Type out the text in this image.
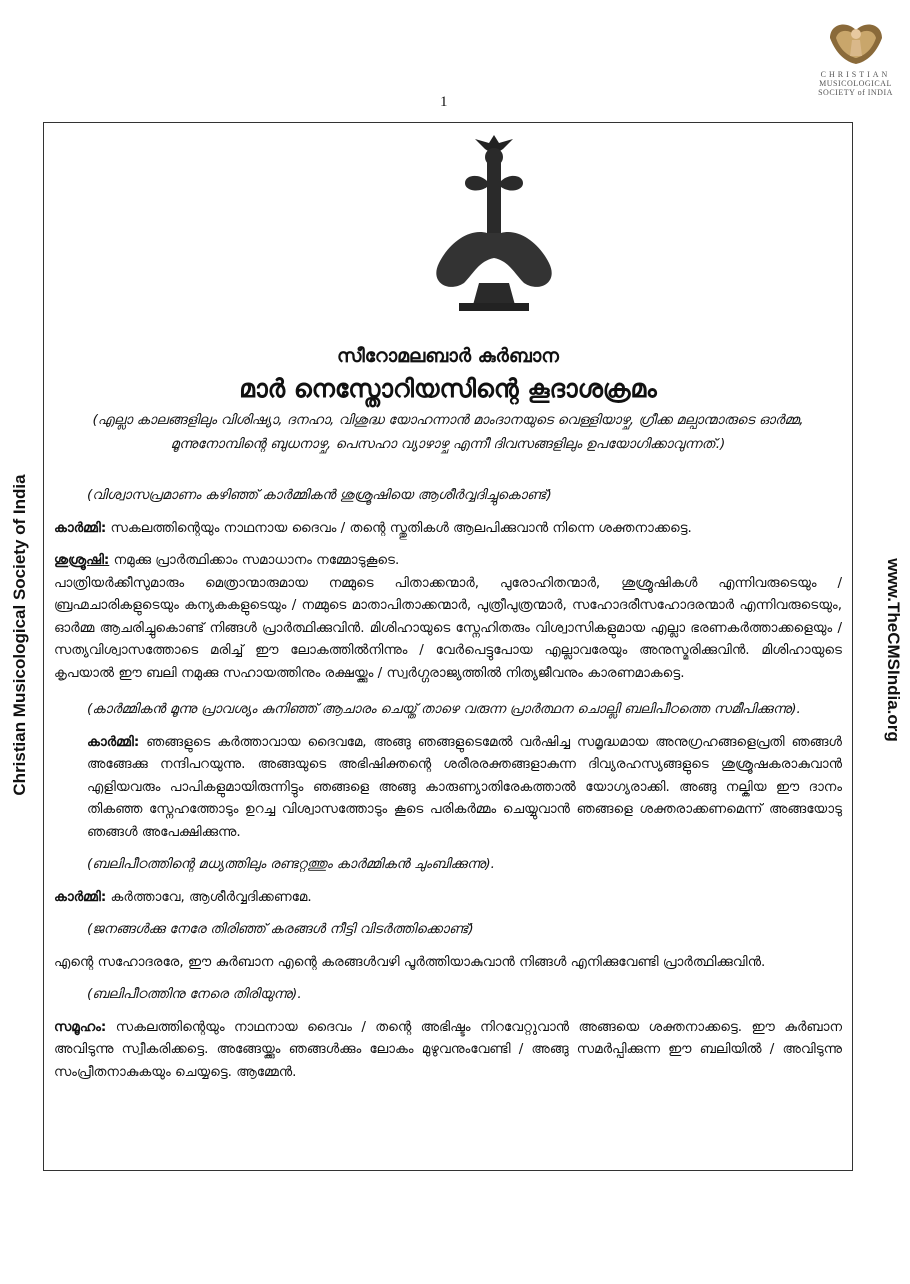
CHRISTIAN
MUSICOLOGICAL
SOCIETY of INDIA
1
Christian Musicological Society of India	www.TheCMSIndia.org
സീറോമലബാർ കുർബാന
മാർ നെസ്തോറിയസിന്റെ കൂദാശക്രമം
(എല്ലാ കാലങ്ങളിലും വിശിഷ്യാ, ദനഹാ, വിശുദ്ധ യോഹന്നാൻ മാംദാനയുടെ വെള്ളിയാഴ്ച, ഗ്രീക്ക മല്പാന്മാരുടെ ഓർമ്മ, മൂന്നുനോമ്പിന്റെ ബുധനാഴ്ച, പെസഹാ വ്യാഴാഴ്ച എന്നീ ദിവസങ്ങളിലും ഉപയോഗിക്കാവുന്നത്.)

(വിശ്വാസപ്രമാണം കഴിഞ്ഞ് കാർമ്മികൻ ശുശ്രൂഷിയെ ആശീർവ്വദിച്ചുകൊണ്ട്)

കാർമ്മി: സകലത്തിന്റെയും നാഥനായ ദൈവം / തന്റെ സ്തുതികൾ ആലപിക്കുവാൻ നിന്നെ ശക്തനാക്കട്ടെ.

ശുശ്രൂഷി: നമുക്കു പ്രാർത്ഥിക്കാം സമാധാനം നമ്മോടുകൂടെ.

പാത്രിയർക്കീസുമാരും മെത്രാന്മാരുമായ നമ്മുടെ പിതാക്കന്മാർ, പുരോഹിതന്മാർ, ശുശ്രൂഷികൾ എന്നിവരുടെയും / ബ്രഹ്മചാരികളുടെയും കന്യകകളുടെയും / നമ്മുടെ മാതാപിതാക്കന്മാർ, പുത്രീപുത്രന്മാർ, സഹോദരീസഹോദരന്മാർ എന്നിവരുടെയും, ഓർമ്മ ആചരിച്ചുകൊണ്ട് നിങ്ങൾ പ്രാർത്ഥിക്കുവിൻ. മിശിഹായുടെ സ്നേഹിതരും വിശ്വാസികളുമായ എല്ലാ ഭരണകർത്താക്കളെയും / സത്യവിശ്വാസത്തോടെ മരിച്ച് ഈ ലോകത്തിൽനിന്നും / വേർപെട്ടുപോയ എല്ലാവരേയും അനുസ്മരിക്കുവിൻ. മിശിഹായുടെ കൃപയാൽ ഈ ബലി നമുക്കു സഹായത്തിനും രക്ഷയ്ക്കും / സ്വർഗ്ഗരാജ്യത്തിൽ നിത്യജീവനും കാരണമാകട്ടെ.

(കാർമ്മികൻ മൂന്നു പ്രാവശ്യം കുനിഞ്ഞ് ആചാരം ചെയ്ത് താഴെ വരുന്ന പ്രാർത്ഥന ചൊല്ലി ബലിപീഠത്തെ സമീപിക്കുന്നു).

കാർമ്മി: ഞങ്ങളുടെ കർത്താവായ ദൈവമേ, അങ്ങു ഞങ്ങളുടെമേൽ വർഷിച്ച സമൃദ്ധമായ അനുഗ്രഹങ്ങളെപ്രതി ഞങ്ങൾ അങ്ങേക്കു നന്ദിപറയുന്നു. അങ്ങയുടെ അഭിഷിക്തന്റെ ശരീരരക്തങ്ങളാകുന്ന ദിവ്യരഹസ്യങ്ങളുടെ ശുശ്രൂഷകരാകുവാൻ എളിയവരും പാപികളുമായിരുന്നിട്ടും ഞങ്ങളെ അങ്ങു കാരുണ്യാതിരേകത്താൽ യോഗ്യരാക്കി. അങ്ങു നല്കിയ ഈ ദാനം തികഞ്ഞ സ്നേഹത്തോടും ഉറച്ച വിശ്വാസത്തോടും കൂടെ പരികർമ്മം ചെയ്യുവാൻ ഞങ്ങളെ ശക്തരാക്കണമെന്ന് അങ്ങയോടു ഞങ്ങൾ അപേക്ഷിക്കുന്നു.

(ബലിപീഠത്തിന്റെ മധ്യത്തിലും രണ്ടറ്റത്തും കാർമ്മികൻ ചുംബിക്കുന്നു).

കാർമ്മി: കർത്താവേ, ആശീർവ്വദിക്കണമേ.

(ജനങ്ങൾക്കു നേരേ തിരിഞ്ഞ് കരങ്ങൾ നീട്ടി വിടർത്തിക്കൊണ്ട്)

എന്റെ സഹോദരരേ, ഈ കുർബാന എന്റെ കരങ്ങൾവഴി പൂർത്തിയാകുവാൻ നിങ്ങൾ എനിക്കുവേണ്ടി പ്രാർത്ഥിക്കുവിൻ.

(ബലിപീഠത്തിനു നേരെ തിരിയുന്നു).

സമൂഹം: സകലത്തിന്റെയും നാഥനായ ദൈവം / തന്റെ അഭിഷ്ടം നിറവേറ്റുവാൻ അങ്ങയെ ശക്തനാക്കട്ടെ. ഈ കുർബാന അവിടുന്നു സ്വീകരിക്കട്ടെ. അങ്ങേയ്ക്കും ഞങ്ങൾക്കും ലോകം മുഴുവനുംവേണ്ടി / അങ്ങു സമർപ്പിക്കുന്ന ഈ ബലിയിൽ / അവിടുന്നു സംപ്രീതനാകുകയും ചെയ്യട്ടെ. ആമ്മേൻ.
